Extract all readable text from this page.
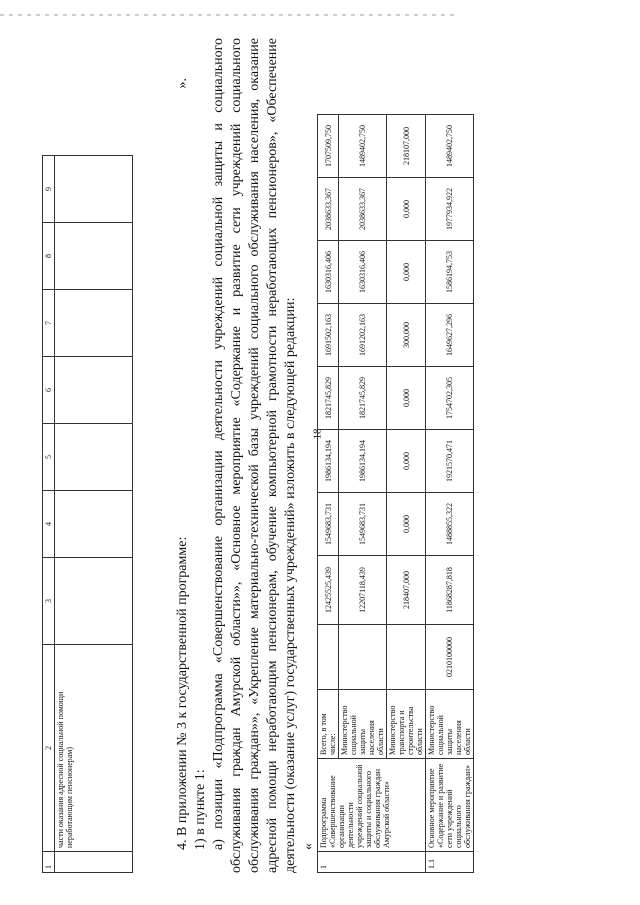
18
1	2	3	4	5	6	7	8	9
	части оказания адресной социальной помощи неработающим пенсионерам)							
».

4. В приложении № 3 к государственной программе: 1) в пункте 1: а) позиции «Подпрограмма «Совершенствование организации деятельности учреждений социальной защиты и социального обслуживания граждан Амурской области»», «Основное мероприятие «Содержание и развитие сети учреждений социального обслуживания граждан»», «Укрепление материально-технической базы учреждений социального обслуживания населения, оказание адресной помощи неработающим пенсионерам, обучение компьютерной грамотности неработающих пенсионеров», «Обеспечение деятельности (оказание услуг) государственных учреждений» изложить в следующей редакции: «

1	Подпрограмма «Совершенствование организации деятельности учреждений социальной защиты и социального обслуживания граждан Амурской области»	Всего, в том числе:		12425525,439	1549683,731	1986134,194	1821745,829	1691502,163	1630316,406	2038633,367	1707509,750
		Министерство социальной защиты населения области		12207118,439	1549683,731	1986134,194	1821745,829	1691202,163	1630316,406	2038633,367	1489402,750
		Министерство транспорта и строительства области		218407,000	0,000	0,000	0,000	300,000	0,000	0,000	218107,000
1.1	Основное мероприятие «Содержание и развитие сети учреждений социального обслуживания граждан»	Министерство социальной защиты населения области	0210100000	11868287,818	1488855,322	1921570,471	1754702,305	1649627,296	1586194,753	1977934,922	1489402,750
